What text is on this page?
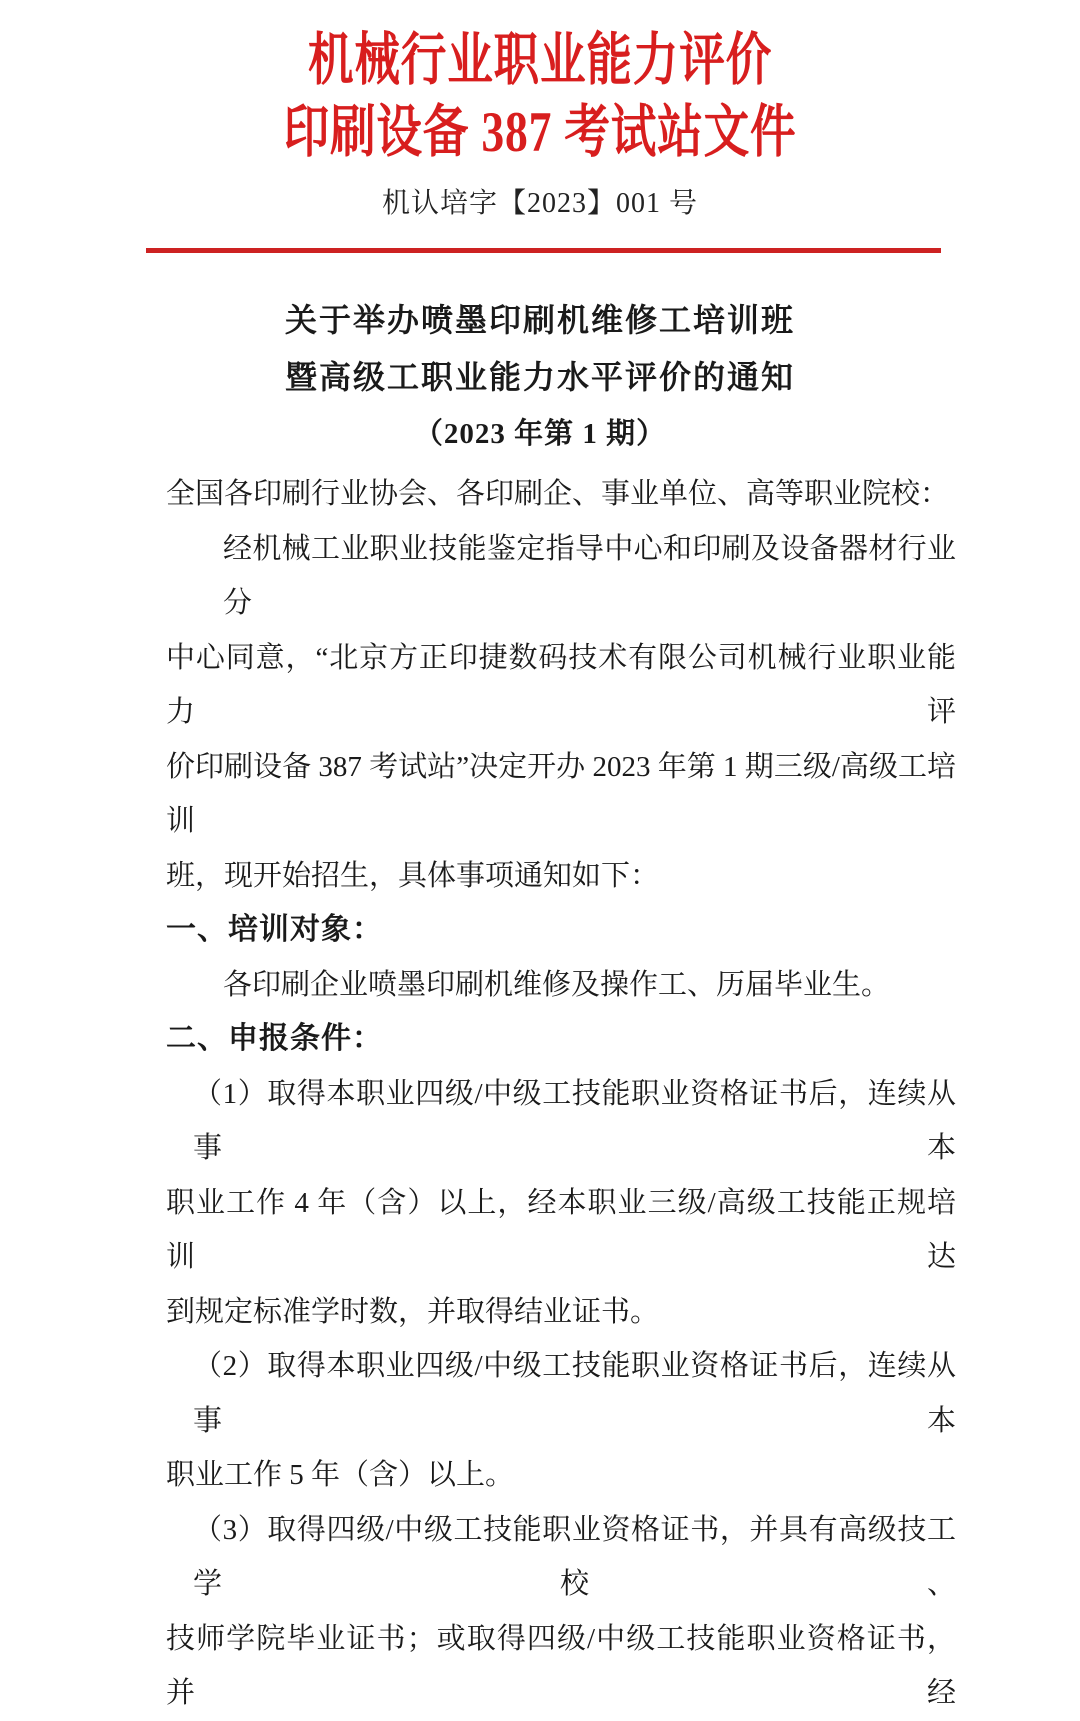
机械行业职业能力评价
印刷设备 387 考试站文件
机认培字【2023】001 号
关于举办喷墨印刷机维修工培训班
暨高级工职业能力水平评价的通知
（2023 年第 1 期）
全国各印刷行业协会、各印刷企、事业单位、高等职业院校：
经机械工业职业技能鉴定指导中心和印刷及设备器材行业分
中心同意，“北京方正印捷数码技术有限公司机械行业职业能力评
价印刷设备 387 考试站”决定开办 2023 年第 1 期三级/高级工培训
班，现开始招生，具体事项通知如下：
一、培训对象：
各印刷企业喷墨印刷机维修及操作工、历届毕业生。
二、申报条件：
（1）取得本职业四级/中级工技能职业资格证书后，连续从事本
职业工作 4 年（含）以上，经本职业三级/高级工技能正规培训达
到规定标准学时数，并取得结业证书。
（2）取得本职业四级/中级工技能职业资格证书后，连续从事本
职业工作 5 年（含）以上。
（3）取得四级/中级工技能职业资格证书，并具有高级技工学校、
技师学院毕业证书；或取得四级/中级工技能职业资格证书，并经
